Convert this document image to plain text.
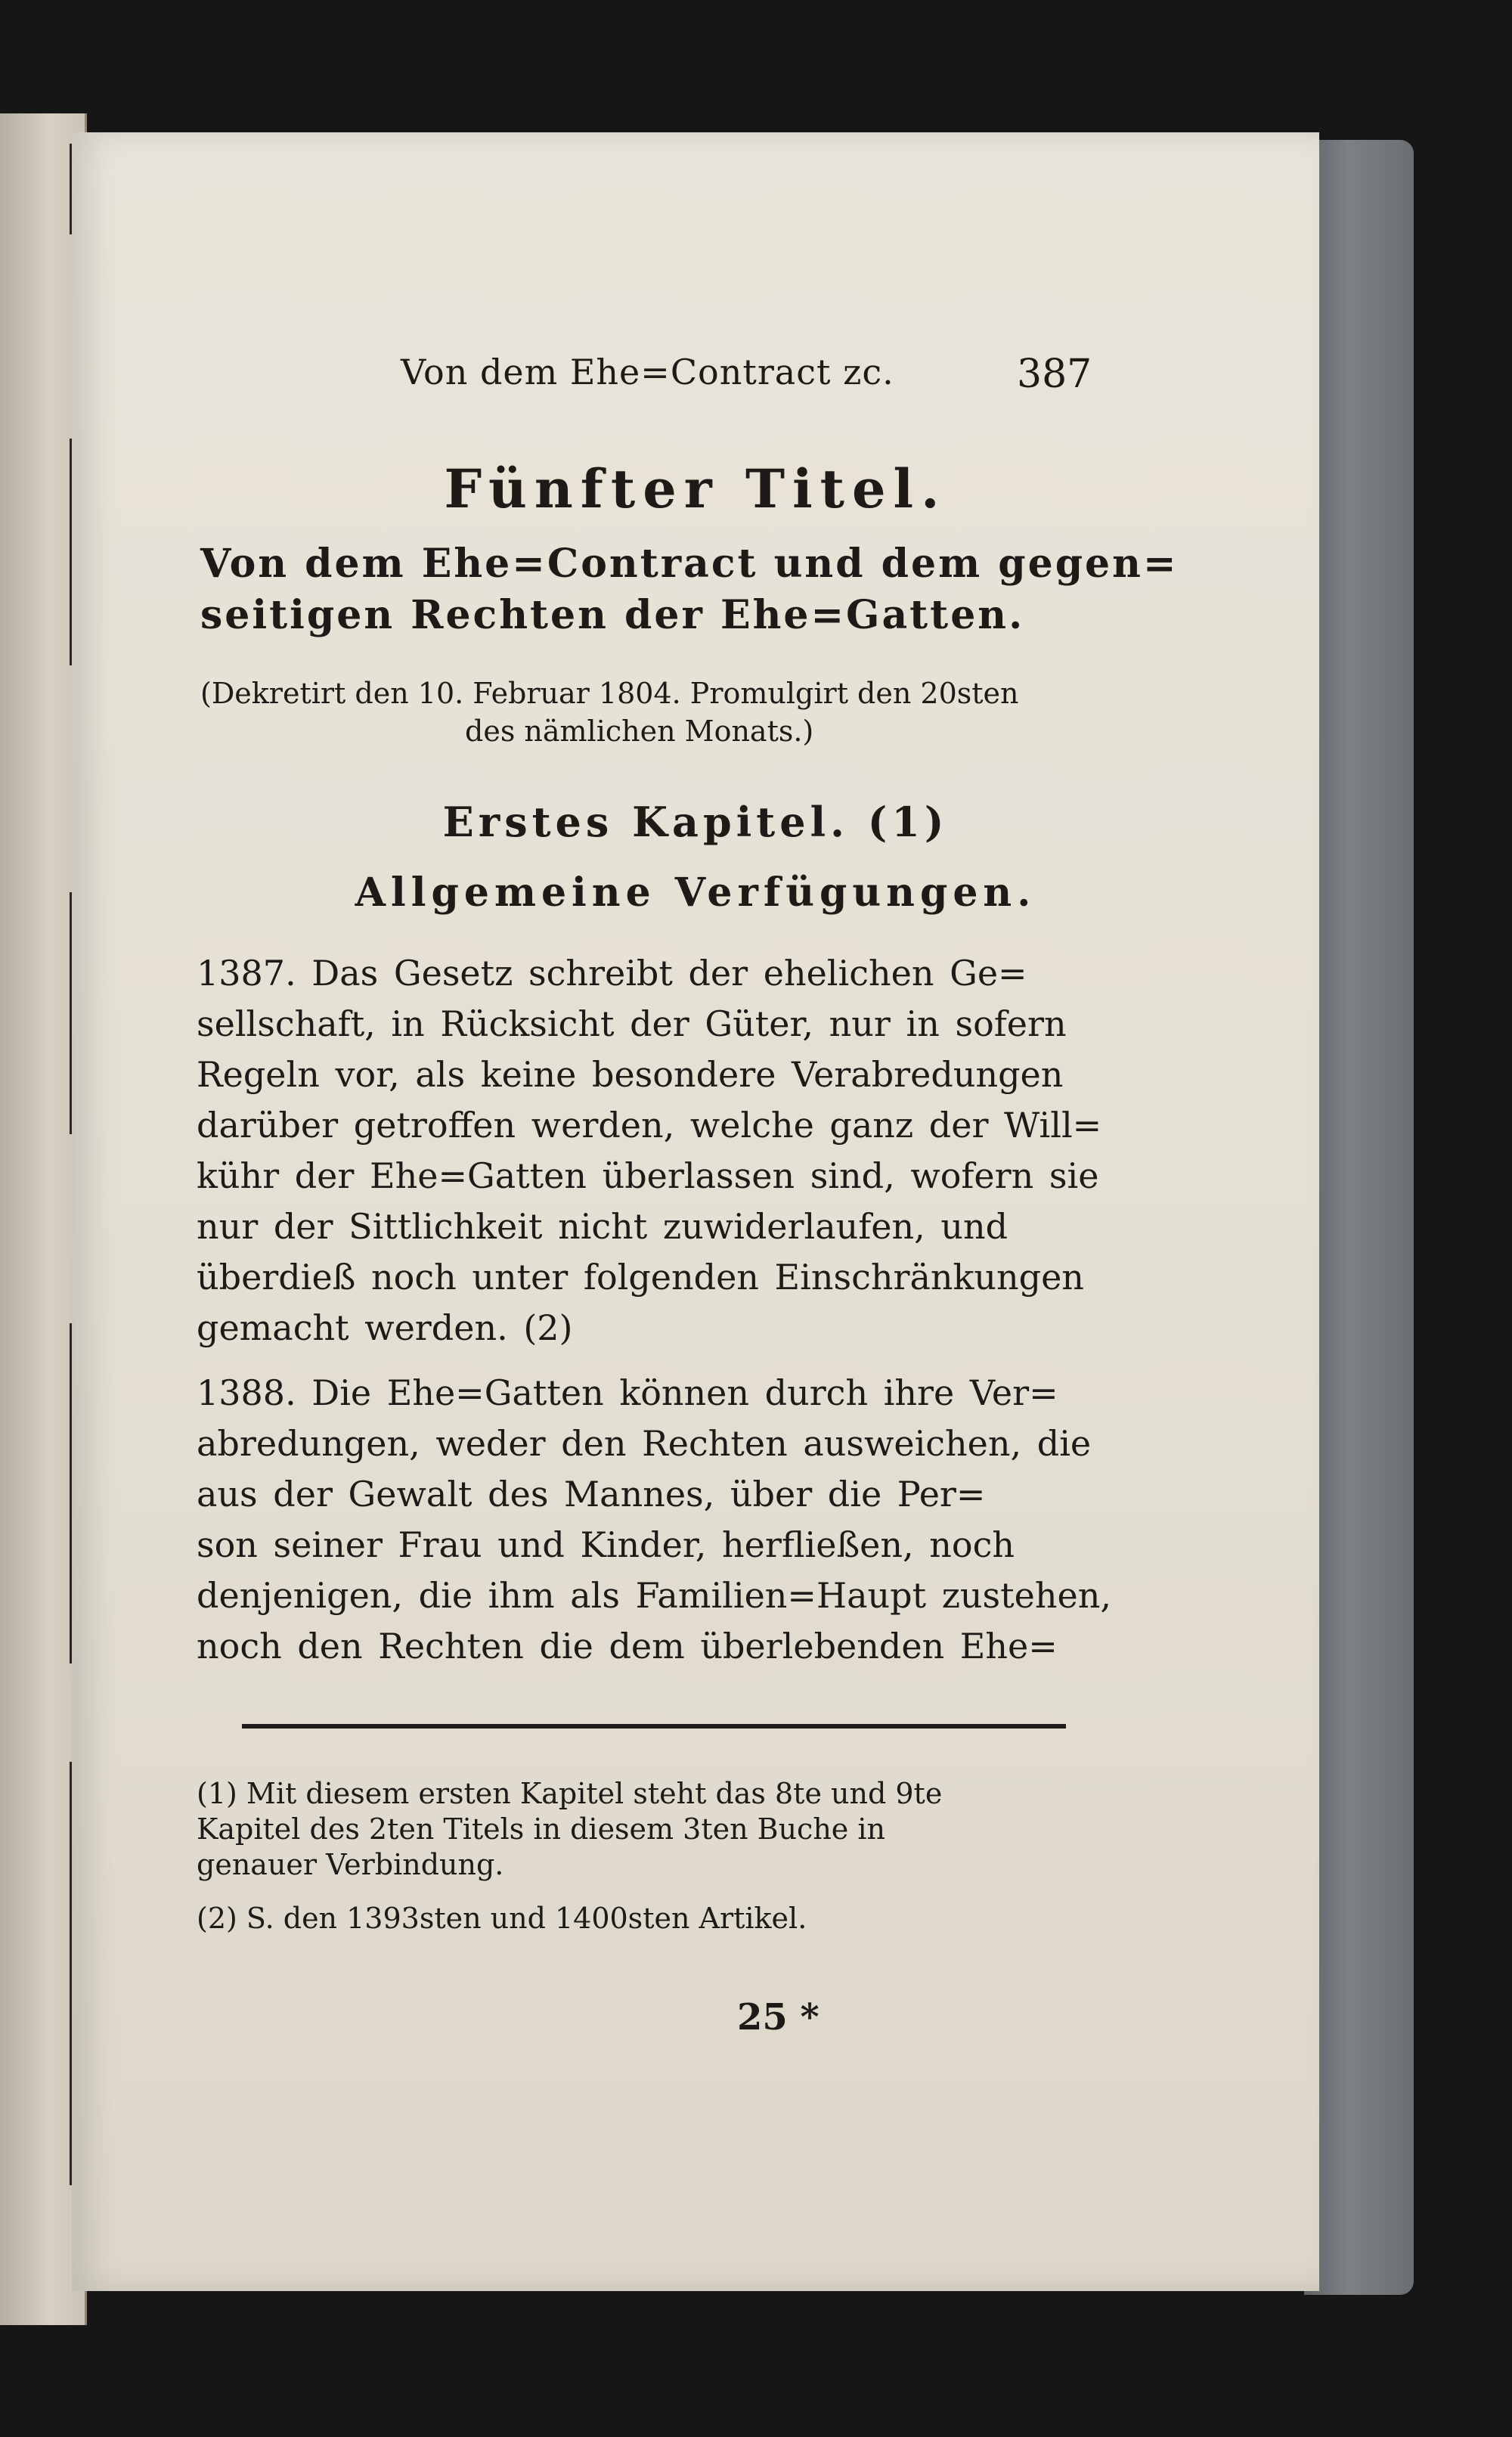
Von dem Ehe=Contract zc.	387
Fünfter Titel.
Von dem Ehe=Contract und dem gegen=
seitigen Rechten der Ehe=Gatten.
(Dekretirt den 10. Februar 1804. Promulgirt den 20sten
des nämlichen Monats.)
Erstes Kapitel. (1)
Allgemeine Verfügungen.
1387. Das Gesetz schreibt der ehelichen Ge=
sellschaft, in Rücksicht der Güter, nur in sofern
Regeln vor, als keine besondere Verabredungen
darüber getroffen werden, welche ganz der Will=
kühr der Ehe=Gatten überlassen sind, wofern sie
nur der Sittlichkeit nicht zuwiderlaufen, und
überdieß noch unter folgenden Einschränkungen
gemacht werden. (2)
1388. Die Ehe=Gatten können durch ihre Ver=
abredungen, weder den Rechten ausweichen, die
aus der Gewalt des Mannes, über die Per=
son seiner Frau und Kinder, herfließen, noch
denjenigen, die ihm als Familien=Haupt zustehen,
noch den Rechten die dem überlebenden Ehe=
(1) Mit diesem ersten Kapitel steht das 8te und 9te
Kapitel des 2ten Titels in diesem 3ten Buche in
genauer Verbindung.
(2) S. den 1393sten und 1400sten Artikel.
25 *
